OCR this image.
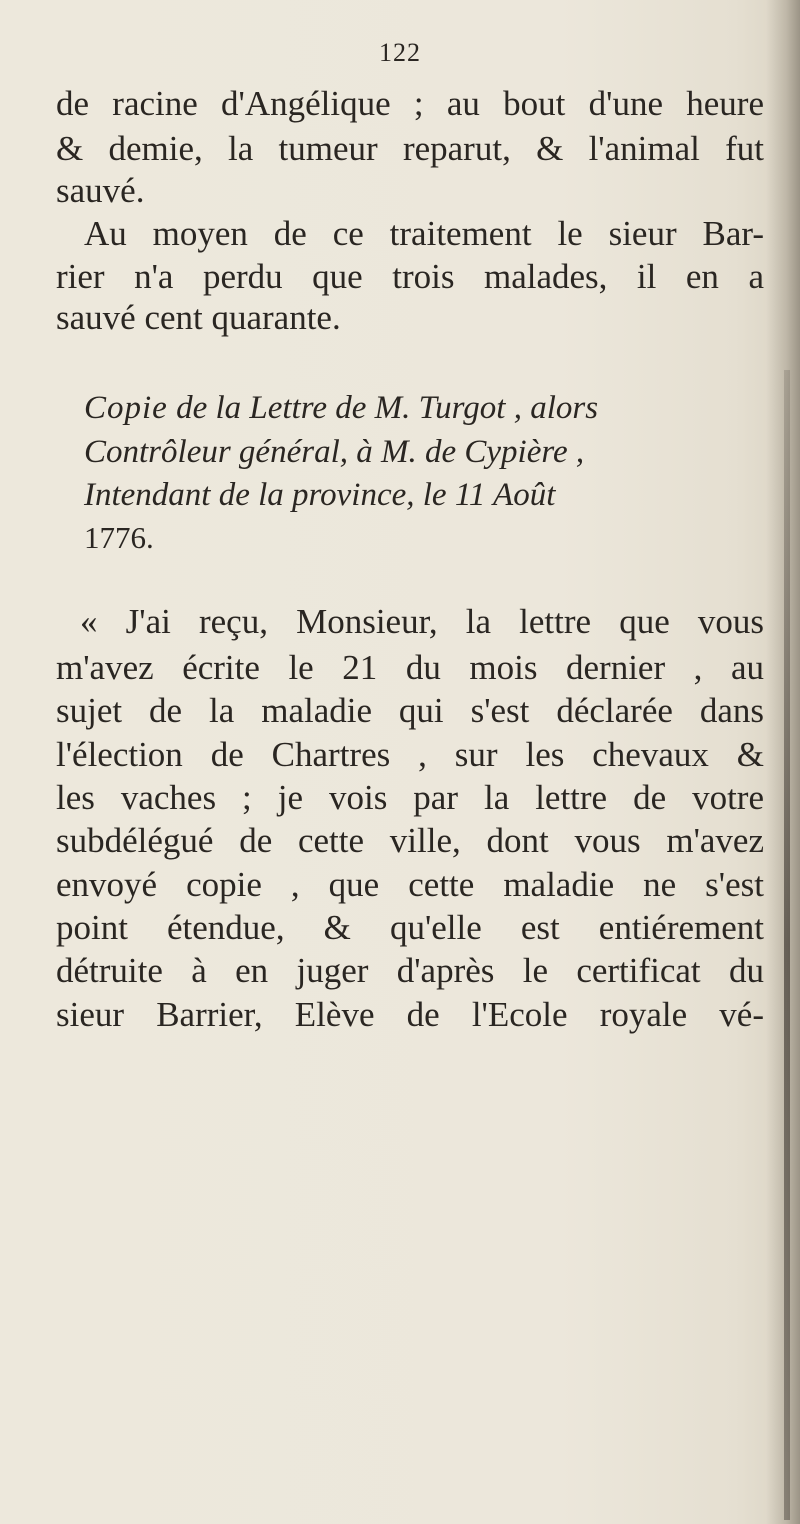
122
de racine d'Angélique ; au bout d'une heure
& demie, la tumeur reparut, & l'animal fut
sauvé.
Au moyen de ce traitement le sieur Bar-
rier n'a perdu que trois malades, il en a
sauvé cent quarante.
Copie de la Lettre de M. Turgot , alors
Contrôleur général, à M. de Cypière ,
Intendant de la province, le 11 Août
1776.
« J'ai reçu, Monsieur, la lettre que vous
m'avez écrite le 21 du mois dernier , au
sujet de la maladie qui s'est déclarée dans
l'élection de Chartres , sur les chevaux &
les vaches ; je vois par la lettre de votre
subdélégué de cette ville, dont vous m'avez
envoyé copie , que cette maladie ne s'est
point étendue, & qu'elle est entiérement
détruite à en juger d'après le certificat du
sieur Barrier, Elève de l'Ecole royale vé-
